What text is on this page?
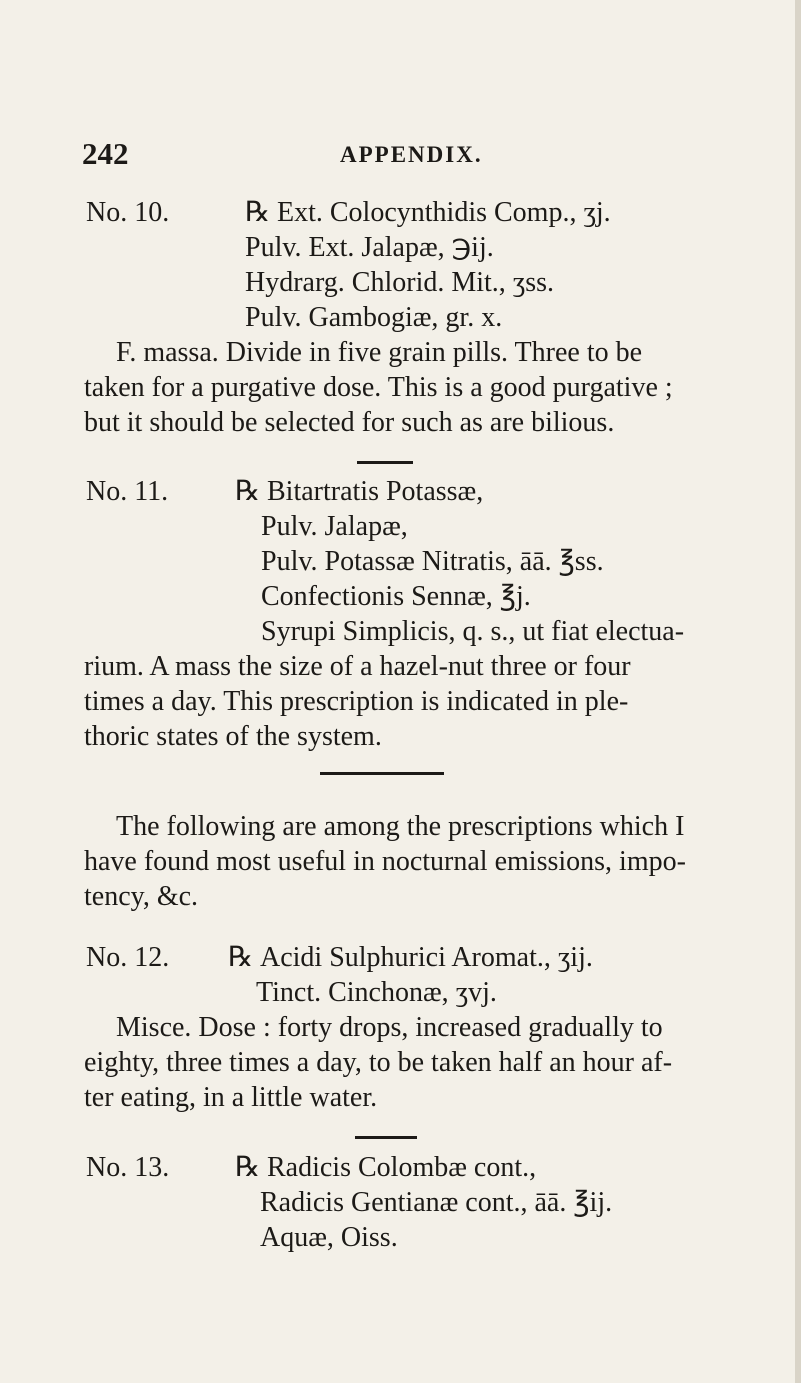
242	APPENDIX.
No. 10.	℞ Ext. Colocynthidis Comp., ʒj.
Pulv. Ext. Jalapæ, ℈ij.
Hydrarg. Chlorid. Mit., ʒss.
Pulv. Gambogiæ, gr. x.
F. massa. Divide in five grain pills. Three to be
taken for a purgative dose. This is a good purgative ;
but it should be selected for such as are bilious.
No. 11. ℞ Bitartratis Potassæ,
Pulv. Jalapæ,
Pulv. Potassæ Nitratis, āā. ℥ss.
Confectionis Sennæ, ℥j.
Syrupi Simplicis, q. s., ut fiat electua-
rium. A mass the size of a hazel-nut three or four
times a day. This prescription is indicated in ple-
thoric states of the system.
The following are among the prescriptions which I
have found most useful in nocturnal emissions, impo-
tency, &c.
No. 12. ℞ Acidi Sulphurici Aromat., ʒij.
Tinct. Cinchonæ, ʒvj.
Misce. Dose : forty drops, increased gradually to
eighty, three times a day, to be taken half an hour af-
ter eating, in a little water.
No. 13. ℞ Radicis Colombæ cont.,
Radicis Gentianæ cont., āā. ℥ij.
Aquæ, Oiss.
